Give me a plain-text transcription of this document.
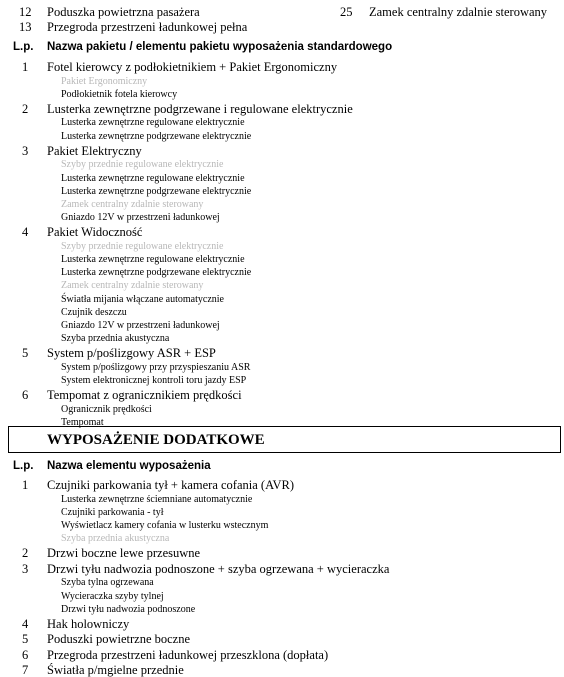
12 Poduszka powietrzna pasażera	25 Zamek centralny zdalnie sterowany
13 Przegroda przestrzeni ładunkowej pełna
L.p. Nazwa pakietu / elementu pakietu wyposażenia standardowego
1 Fotel kierowcy z podłokietnikiem + Pakiet Ergonomiczny
Pakiet Ergonomiczny
Podłokietnik fotela kierowcy
2 Lusterka zewnętrzne podgrzewane i regulowane elektrycznie
Lusterka zewnętrzne regulowane elektrycznie
Lusterka zewnętrzne podgrzewane elektrycznie
3 Pakiet Elektryczny
Szyby przednie regulowane elektrycznie
Lusterka zewnętrzne regulowane elektrycznie
Lusterka zewnętrzne podgrzewane elektrycznie
Zamek centralny zdalnie sterowany
Gniazdo 12V w przestrzeni ładunkowej
4 Pakiet Widoczność
Szyby przednie regulowane elektrycznie
Lusterka zewnętrzne regulowane elektrycznie
Lusterka zewnętrzne podgrzewane elektrycznie
Zamek centralny zdalnie sterowany
Światła mijania włączane automatycznie
Czujnik deszczu
Gniazdo 12V w przestrzeni ładunkowej
Szyba przednia akustyczna
5 System p/poślizgowy ASR + ESP
System p/poślizgowy przy przyspieszaniu ASR
System elektronicznej kontroli toru jazdy ESP
6 Tempomat z ogranicznikiem prędkości
Ogranicznik prędkości
Tempomat
WYPOSAŻENIE DODATKOWE
L.p. Nazwa elementu wyposażenia
1 Czujniki parkowania tył + kamera cofania (AVR)
Lusterka zewnętrzne ściemniane automatycznie
Czujniki parkowania - tył
Wyświetlacz kamery cofania w lusterku wstecznym
Szyba przednia akustyczna
2 Drzwi boczne lewe przesuwne
3 Drzwi tyłu nadwozia podnoszone + szyba ogrzewana + wycieraczka
Szyba tylna ogrzewana
Wycieraczka szyby tylnej
Drzwi tyłu nadwozia podnoszone
4 Hak holowniczy
5 Poduszki powietrzne boczne
6 Przegroda przestrzeni ładunkowej przeszklona (dopłata)
7 Światła p/mgielne przednie
